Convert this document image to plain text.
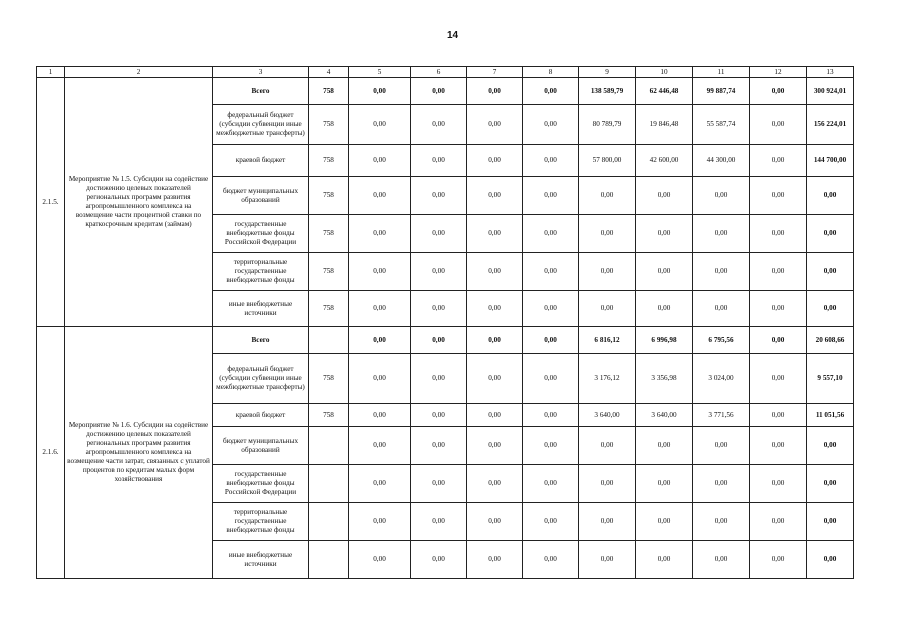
14
1	2	3	4	5	6	7	8	9	10	11	12	13
2.1.5.	Мероприятие № 1.5. Субсидии на содействие достижению целевых показателей региональных программ развития агропромышленного комплекса на возмещение части процентной ставки по краткосрочным кредитам (займам)	Всего	758	0,00	0,00	0,00	0,00	138 589,79	62 446,48	99 887,74	0,00	300 924,01
		федеральный бюджет (субсидии субвенции иные межбюджетные трансферты)	758	0,00	0,00	0,00	0,00	80 789,79	19 846,48	55 587,74	0,00	156 224,01
		краевой бюджет	758	0,00	0,00	0,00	0,00	57 800,00	42 600,00	44 300,00	0,00	144 700,00
		бюджет муниципальных образований	758	0,00	0,00	0,00	0,00	0,00	0,00	0,00	0,00	0,00
		государственные внебюджетные фонды Российской Федерации	758	0,00	0,00	0,00	0,00	0,00	0,00	0,00	0,00	0,00
		территориальные государственные внебюджетные фонды	758	0,00	0,00	0,00	0,00	0,00	0,00	0,00	0,00	0,00
		иные внебюджетные источники	758	0,00	0,00	0,00	0,00	0,00	0,00	0,00	0,00	0,00
2.1.6.	Мероприятие № 1.6. Субсидии на содействие достижению целевых показателей региональных программ развития агропромышленного комплекса на возмещение части затрат, связанных с уплатой процентов по кредитам малых форм хозяйствования	Всего		0,00	0,00	0,00	0,00	6 816,12	6 996,98	6 795,56	0,00	20 608,66
		федеральный бюджет (субсидии субвенции иные межбюджетные трансферты)	758	0,00	0,00	0,00	0,00	3 176,12	3 356,98	3 024,00	0,00	9 557,10
		краевой бюджет	758	0,00	0,00	0,00	0,00	3 640,00	3 640,00	3 771,56	0,00	11 051,56
		бюджет муниципальных образований		0,00	0,00	0,00	0,00	0,00	0,00	0,00	0,00	0,00
		государственные внебюджетные фонды Российской Федерации		0,00	0,00	0,00	0,00	0,00	0,00	0,00	0,00	0,00
		территориальные государственные внебюджетные фонды		0,00	0,00	0,00	0,00	0,00	0,00	0,00	0,00	0,00
		иные внебюджетные источники		0,00	0,00	0,00	0,00	0,00	0,00	0,00	0,00	0,00
